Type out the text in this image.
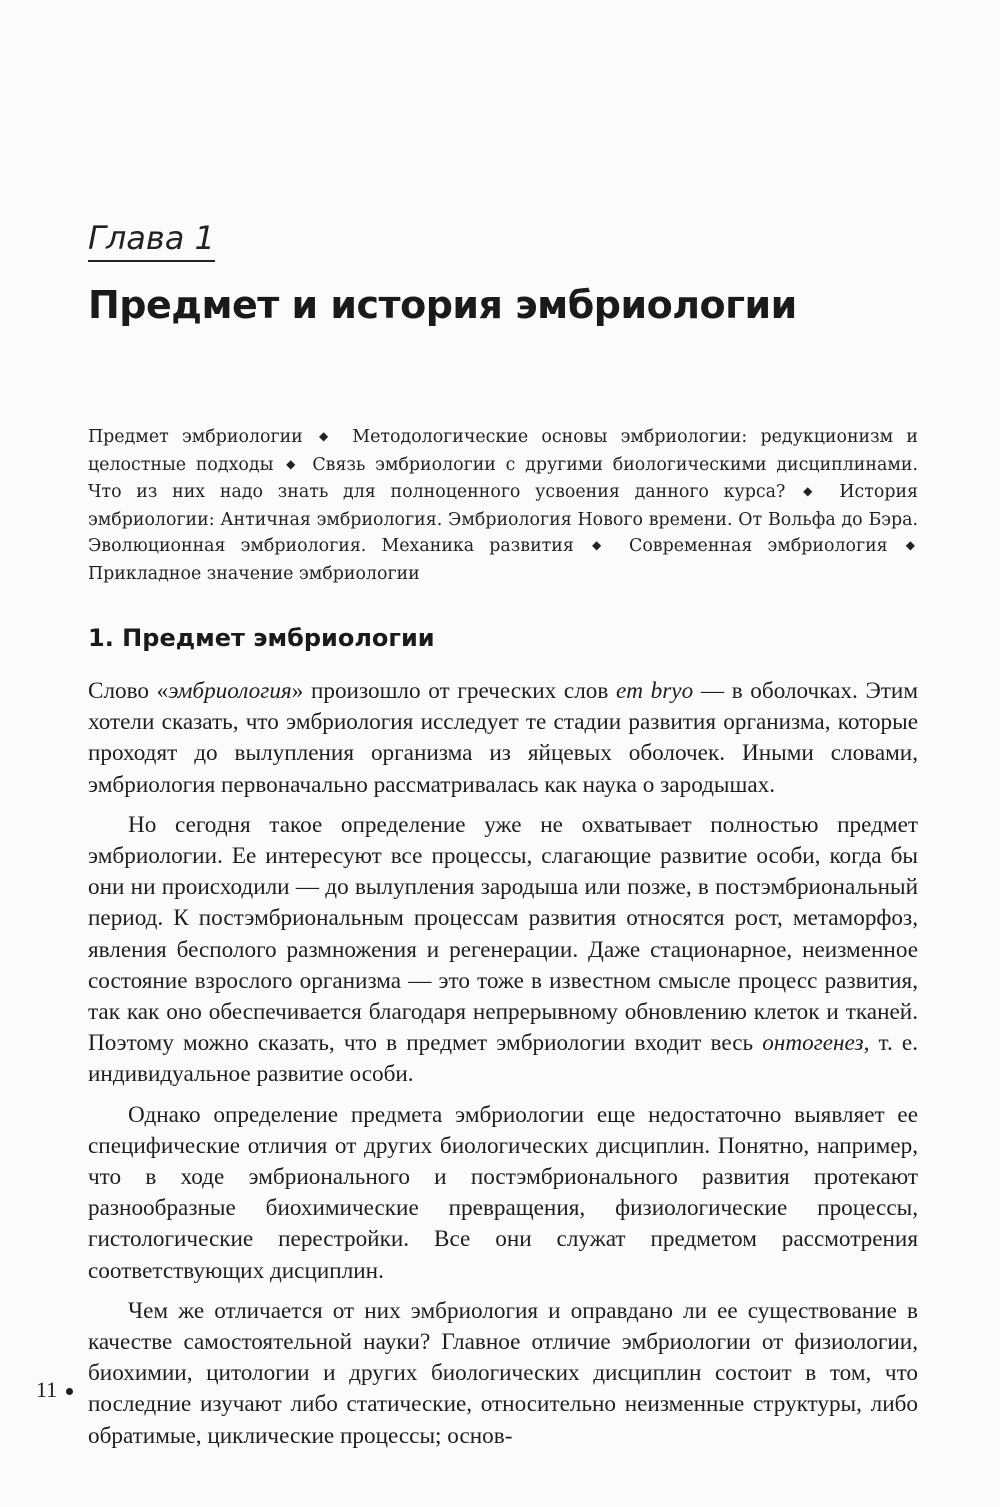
Глава 1
Предмет и история эмбриологии
Предмет эмбриологии ◆ Методологические основы эмбриологии: редукционизм и целостные подходы ◆ Связь эмбриологии с другими биологическими дисциплинами. Что из них надо знать для полноценного усвоения данного курса? ◆ История эмбриологии: Античная эмбриология. Эмбриология Нового времени. От Вольфа до Бэра. Эволюционная эмбриология. Механика развития ◆ Современная эмбриология ◆ Прикладное значение эмбриологии
1. Предмет эмбриологии

Слово «эмбриология» произошло от греческих слов em bryo — в оболочках. Этим хотели сказать, что эмбриология исследует те стадии развития организма, которые проходят до вылупления организма из яйцевых оболочек. Иными словами, эмбриология первоначально рассматривалась как наука о зародышах.

Но сегодня такое определение уже не охватывает полностью предмет эмбриологии. Ее интересуют все процессы, слагающие развитие особи, когда бы они ни происходили — до вылупления зародыша или позже, в постэмбриональный период. К постэмбриональным процессам развития относятся рост, метаморфоз, явления бесполого размножения и регенерации. Даже стационарное, неизменное состояние взрослого организма — это тоже в известном смысле процесс развития, так как оно обеспечивается благодаря непрерывному обновлению клеток и тканей. Поэтому можно сказать, что в предмет эмбриологии входит весь онтогенез, т. е. индивидуальное развитие особи.

Однако определение предмета эмбриологии еще недостаточно выявляет ее специфические отличия от других биологических дисциплин. Понятно, например, что в ходе эмбрионального и постэмбрионального развития протекают разнообразные биохимические превращения, физиологические процессы, гистологические перестройки. Все они служат предметом рассмотрения соответствующих дисциплин.

Чем же отличается от них эмбриология и оправдано ли ее существование в качестве самостоятельной науки? Главное отличие эмбриологии от физиологии, биохимии, цитологии и других биологических дисциплин состоит в том, что последние изучают либо статические, относительно неизменные структуры, либо обратимые, циклические процессы; основ-

11
